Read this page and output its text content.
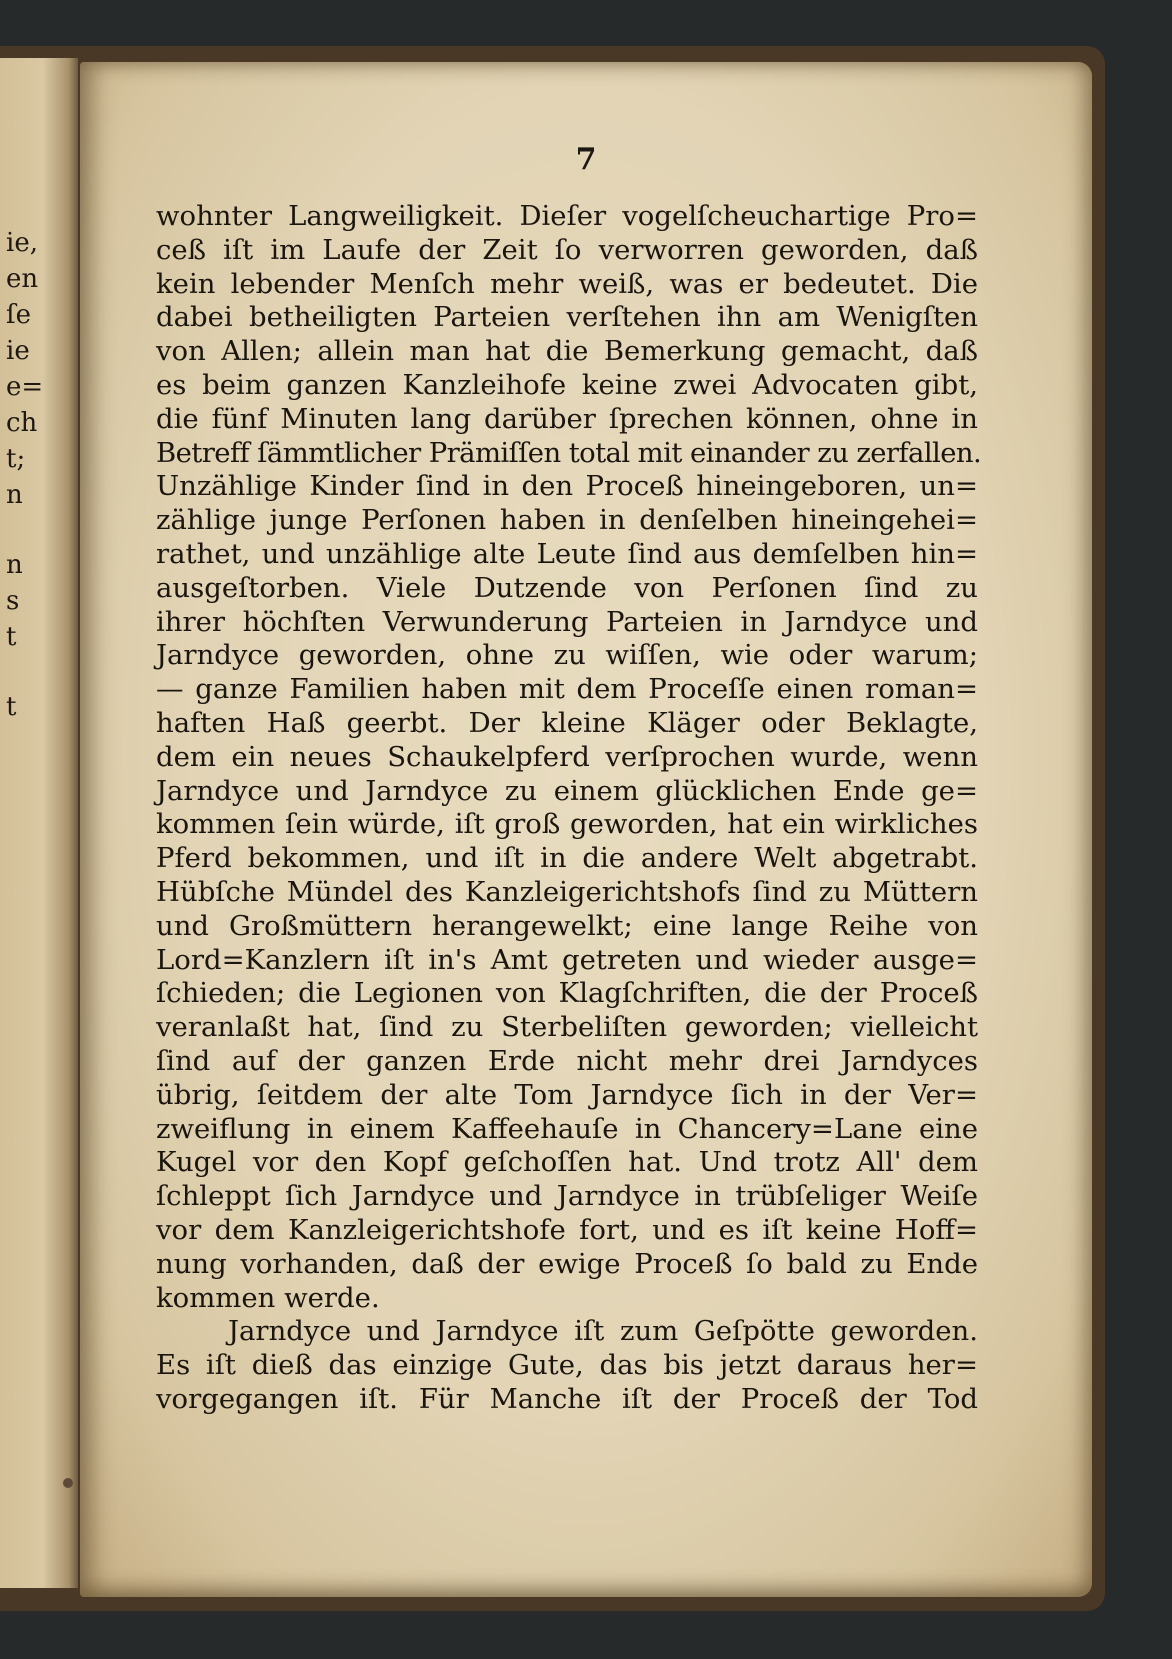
ie,
en
ſe
ie
e=
ch
t;
n
n
s
t
t
7
wohnter Langweiligkeit. Dieſer vogelſcheuchartige Pro=
ceß iſt im Laufe der Zeit ſo verworren geworden, daß
kein lebender Menſch mehr weiß, was er bedeutet. Die
dabei betheiligten Parteien verſtehen ihn am Wenigſten
von Allen; allein man hat die Bemerkung gemacht, daß
es beim ganzen Kanzleihofe keine zwei Advocaten gibt,
die fünf Minuten lang darüber ſprechen können, ohne in
Betreff ſämmtlicher Prämiſſen total mit einander zu zerfallen.
Unzählige Kinder ſind in den Proceß hineingeboren, un=
zählige junge Perſonen haben in denſelben hineingehei=
rathet, und unzählige alte Leute ſind aus demſelben hin=
ausgeſtorben. Viele Dutzende von Perſonen ſind zu
ihrer höchſten Verwunderung Parteien in Jarndyce und
Jarndyce geworden, ohne zu wiſſen, wie oder warum;
— ganze Familien haben mit dem Proceſſe einen roman=
haften Haß geerbt. Der kleine Kläger oder Beklagte,
dem ein neues Schaukelpferd verſprochen wurde, wenn
Jarndyce und Jarndyce zu einem glücklichen Ende ge=
kommen ſein würde, iſt groß geworden, hat ein wirkliches
Pferd bekommen, und iſt in die andere Welt abgetrabt.
Hübſche Mündel des Kanzleigerichtshofs ſind zu Müttern
und Großmüttern herangewelkt; eine lange Reihe von
Lord=Kanzlern iſt in's Amt getreten und wieder ausge=
ſchieden; die Legionen von Klagſchriften, die der Proceß
veranlaßt hat, ſind zu Sterbeliſten geworden; vielleicht
ſind auf der ganzen Erde nicht mehr drei Jarndyces
übrig, ſeitdem der alte Tom Jarndyce ſich in der Ver=
zweiflung in einem Kaffeehauſe in Chancery=Lane eine
Kugel vor den Kopf geſchoſſen hat. Und trotz All' dem
ſchleppt ſich Jarndyce und Jarndyce in trübſeliger Weiſe
vor dem Kanzleigerichtshofe fort, und es iſt keine Hoff=
nung vorhanden, daß der ewige Proceß ſo bald zu Ende
kommen werde.
Jarndyce und Jarndyce iſt zum Geſpötte geworden.
Es iſt dieß das einzige Gute, das bis jetzt daraus her=
vorgegangen iſt. Für Manche iſt der Proceß der Tod
